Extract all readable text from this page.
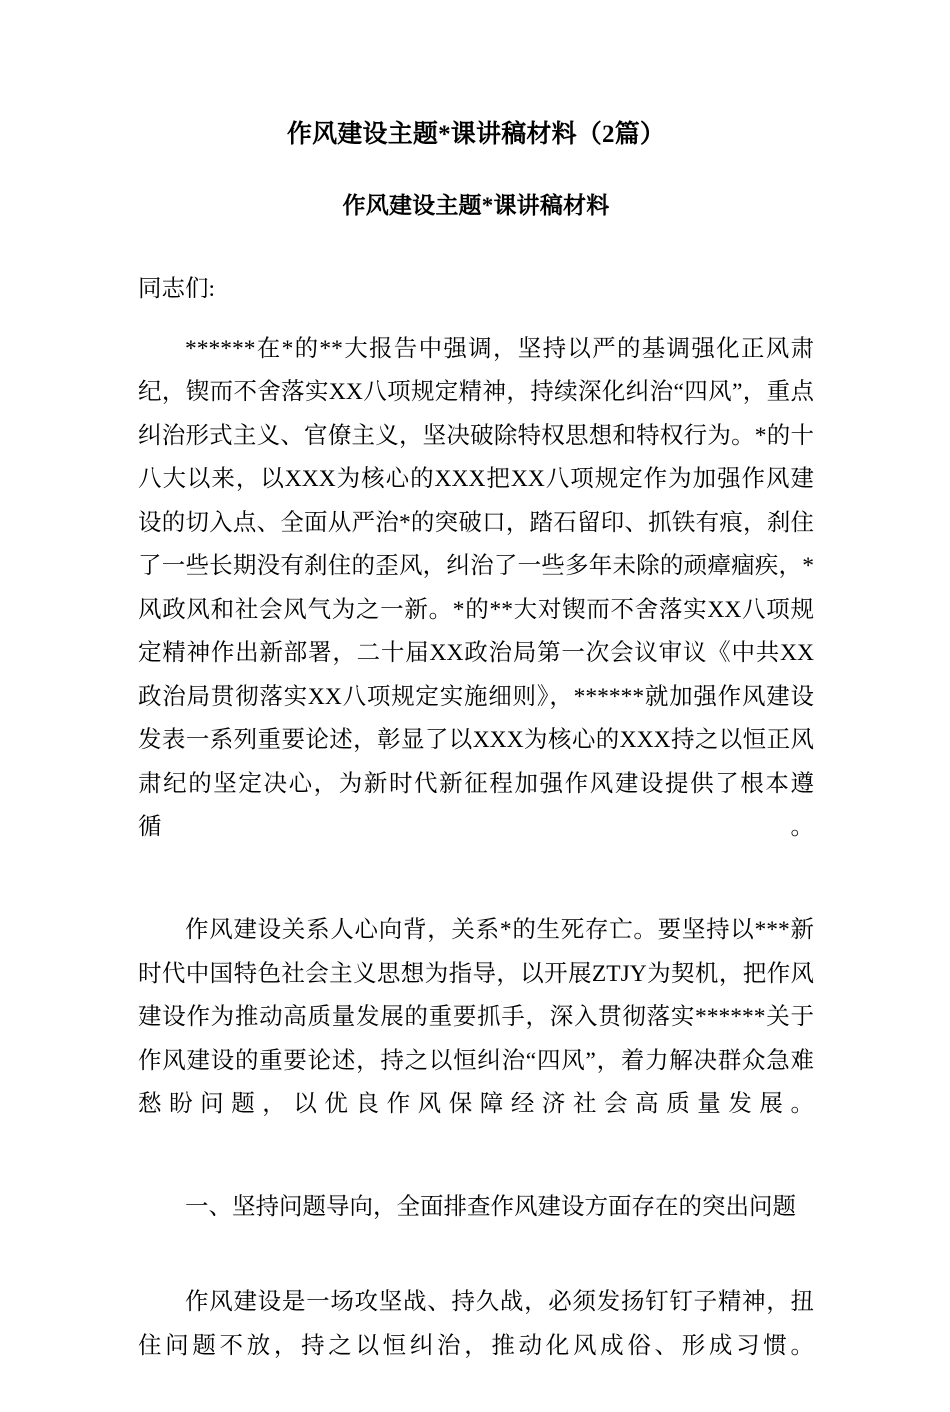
作风建设主题*课讲稿材料（2篇）
作风建设主题*课讲稿材料

同志们:

******在*的**大报告中强调，坚持以严的基调强化正风肃纪，锲而不舍落实XX八项规定精神，持续深化纠治“四风”，重点纠治形式主义、官僚主义，坚决破除特权思想和特权行为。*的十八大以来，以XXX为核心的XXX把XX八项规定作为加强作风建设的切入点、全面从严治*的突破口，踏石留印、抓铁有痕，刹住了一些长期没有刹住的歪风，纠治了一些多年未除的顽瘴痼疾，*风政风和社会风气为之一新。*的**大对锲而不舍落实XX八项规定精神作出新部署，二十届XX政治局第一次会议审议《中共XX政治局贯彻落实XX八项规定实施细则》，******就加强作风建设发表一系列重要论述，彰显了以XXX为核心的XXX持之以恒正风肃纪的坚定决心，为新时代新征程加强作风建设提供了根本遵循。

作风建设关系人心向背，关系*的生死存亡。要坚持以***新时代中国特色社会主义思想为指导，以开展ZTJY为契机，把作风建设作为推动高质量发展的重要抓手，深入贯彻落实******关于作风建设的重要论述，持之以恒纠治“四风”，着力解决群众急难愁盼问题，以优良作风保障经济社会高质量发展。

一、坚持问题导向，全面排查作风建设方面存在的突出问题

作风建设是一场攻坚战、持久战，必须发扬钉钉子精神，扭住问题不放，持之以恒纠治，推动化风成俗、形成习惯。
